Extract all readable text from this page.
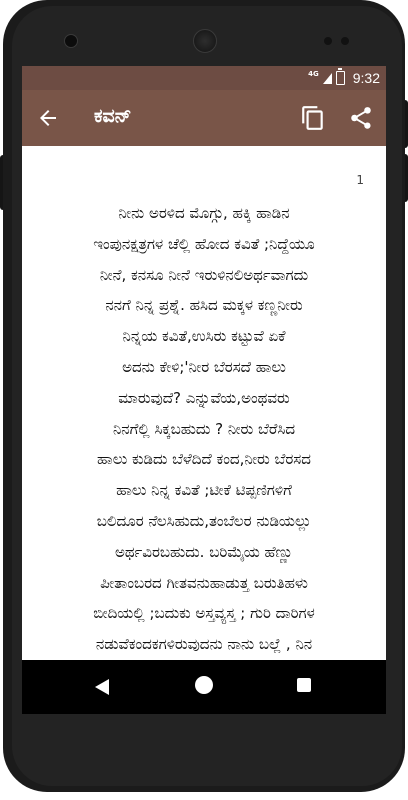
4G 9:32
ಕವನ್
1
ನೀನು ಅರಳಿದ ಮೊಗ್ಗು, ಹಕ್ಕಿ ಹಾಡಿನ
ಇಂಪುನಕ್ಷತ್ರಗಳ ಚೆಲ್ಲಿ ಹೋದ ಕವಿತೆ ;ನಿದ್ದೆಯೂ
ನೀನೆ, ಕನಸೂ ನೀನೆ ಇರುಳಿನಲಿಅರ್ಥವಾಗದು
ನನಗೆ ನಿನ್ನ ಪ್ರಶ್ನೆ. ಹಸಿದ ಮಕ್ಕಳ ಕಣ್ಣನೀರು
ನಿನ್ನಯ ಕವಿತೆ,ಉಸಿರು ಕಟ್ಟುವೆ ಏಕೆ
ಅದನು ಕೇಳಿ;'ನೀರ ಬೆರಸದೆ ಹಾಲು
ಮಾರುವುದೆ? ಎನ್ನುವೆಯ,ಅಂಥವರು
ನಿನಗೆಲ್ಲಿ ಸಿಕ್ಕಬಹುದು ? ನೀರು ಬೆರೆಸಿದ
ಹಾಲು ಕುಡಿದು ಬೆಳೆದಿದೆ ಕಂದ,ನೀರು ಬೆರಸದ
ಹಾಲು ನಿನ್ನ ಕವಿತೆ ;ಟೀಕೆ ಟಿಪ್ಪಣಿಗಳಿಗೆ
ಬಲಿದೂರ ನೆಲಸಿಹುದು,ತಂಬೆಲರ ನುಡಿಯಲ್ಲು
ಅರ್ಥವಿರಬಹುದು. ಬರಿಮೈಯ ಹೆಣ್ಣು
ಪೀತಾಂಬರದ ಗೀತವನುಹಾಡುತ್ತ ಬರುತಿಹಳು
ಬೀದಿಯಲ್ಲಿ ;ಬದುಕು ಅಸ್ತವ್ಯಸ್ತ ; ಗುರಿ ದಾರಿಗಳ
ನಡುವೆಕಂದಕಗಳಿರುವುದನು ನಾನು ಬಲ್ಲೆ , ನಿನ
